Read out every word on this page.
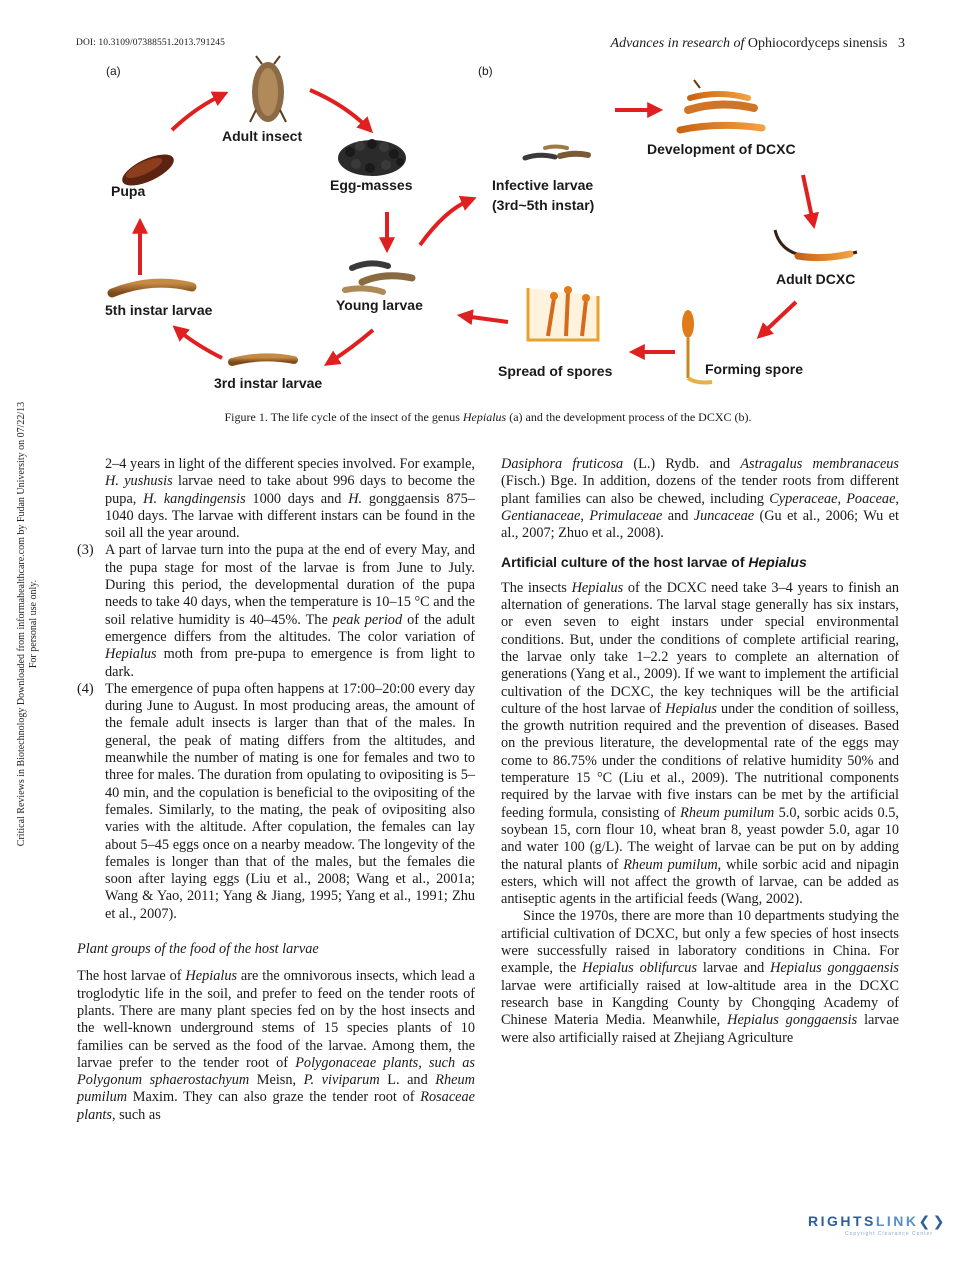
DOI: 10.3109/07388551.2013.791245	Advances in research of Ophiocordyceps sinensis 3
Critical Reviews in Biotechnology Downloaded from informahealthcare.com by Fudan University on 07/22/13 For personal use only.
(a)	(b)
Adult insect
Egg-masses
Pupa
Young larvae
5th instar larvae
3rd instar larvae
Infective larvae
(3rd~5th instar)
Development of DCXC
Adult DCXC
Forming spore
Spread of spores
Figure 1. The life cycle of the insect of the genus Hepialus (a) and the development process of the DCXC (b).

2–4 years in light of the different species involved. For example, H. yushusis larvae need to take about 996 days to become the pupa, H. kangdingensis 1000 days and H. gonggaensis 875–1040 days. The larvae with different instars can be found in the soil all the year around.

(3) A part of larvae turn into the pupa at the end of every May, and the pupa stage for most of the larvae is from June to July. During this period, the developmental duration of the pupa needs to take 40 days, when the temperature is 10–15 °C and the soil relative humidity is 40–45%. The peak period of the adult emergence differs from the altitudes. The color variation of Hepialus moth from pre-pupa to emergence is from light to dark.

(4) The emergence of pupa often happens at 17:00–20:00 every day during June to August. In most producing areas, the amount of the female adult insects is larger than that of the males. In general, the peak of mating differs from the altitudes, and meanwhile the number of mating is one for females and two to three for males. The duration from opulating to ovipositing is 5–40 min, and the copulation is beneficial to the ovipositing of the females. Similarly, to the mating, the peak of ovipositing also varies with the altitude. After copulation, the females can lay about 5–45 eggs once on a nearby meadow. The longevity of the females is longer than that of the males, but the females die soon after laying eggs (Liu et al., 2008; Wang et al., 2001a; Wang & Yao, 2011; Yang & Jiang, 1995; Yang et al., 1991; Zhu et al., 2007).

Plant groups of the food of the host larvae

The host larvae of Hepialus are the omnivorous insects, which lead a troglodytic life in the soil, and prefer to feed on the tender roots of plants. There are many plant species fed on by the host insects and the well-known underground stems of 15 species plants of 10 families can be served as the food of the larvae. Among them, the larvae prefer to the tender root of Polygonaceae plants, such as Polygonum sphaerostachyum Meisn, P. viviparum L. and Rheum pumilum Maxim. They can also graze the tender root of Rosaceae plants, such as

Dasiphora fruticosa (L.) Rydb. and Astragalus membranaceus (Fisch.) Bge. In addition, dozens of the tender roots from different plant families can also be chewed, including Cyperaceae, Poaceae, Gentianaceae, Primulaceae and Juncaceae (Gu et al., 2006; Wu et al., 2007; Zhuo et al., 2008).

Artificial culture of the host larvae of Hepialus

The insects Hepialus of the DCXC need take 3–4 years to finish an alternation of generations. The larval stage generally has six instars, or even seven to eight instars under special environmental conditions. But, under the conditions of complete artificial rearing, the larvae only take 1–2.2 years to complete an alternation of generations (Yang et al., 2009). If we want to implement the artificial cultivation of the DCXC, the key techniques will be the artificial culture of the host larvae of Hepialus under the condition of soilless, the growth nutrition required and the prevention of diseases. Based on the previous literature, the developmental rate of the eggs may come to 86.75% under the conditions of relative humidity 50% and temperature 15 °C (Liu et al., 2009). The nutritional components required by the larvae with five instars can be met by the artificial feeding formula, consisting of Rheum pumilum 5.0, sorbic acids 0.5, soybean 15, corn flour 10, wheat bran 8, yeast powder 5.0, agar 10 and water 100 (g/L). The weight of larvae can be put on by adding the natural plants of Rheum pumilum, while sorbic acid and nipagin esters, which will not affect the growth of larvae, can be added as antiseptic agents in the artificial feeds (Wang, 2002).

Since the 1970s, there are more than 10 departments studying the artificial cultivation of DCXC, but only a few species of host insects were successfully raised in laboratory conditions in China. For example, the Hepialus oblifurcus larvae and Hepialus gonggaensis larvae were artificially raised at low-altitude area in the DCXC research base in Kangding County by Chongqing Academy of Chinese Materia Media. Meanwhile, Hepialus gonggaensis larvae were also artificially raised at Zhejiang Agriculture

RIGHTSLINK❮❯
Copyright Clearance Center
